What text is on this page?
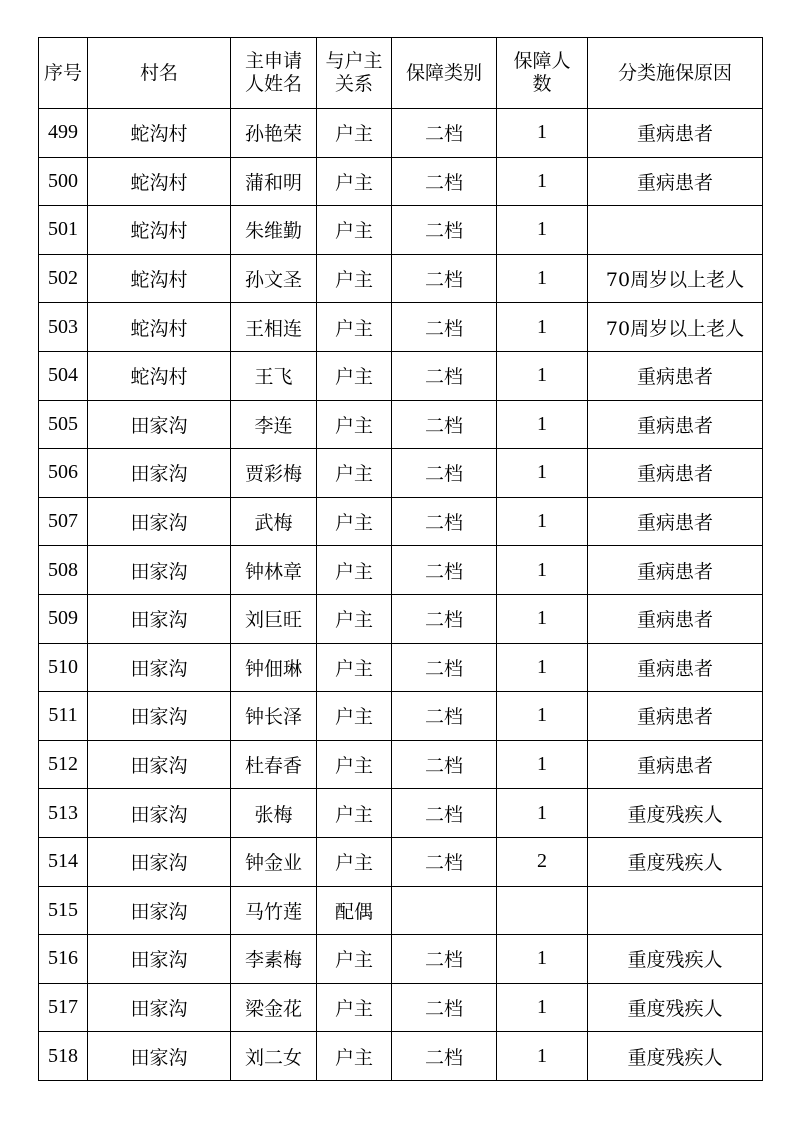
序号	村名	主申请人姓名	与户主关系	保障类别	保障人数	分类施保原因
499	蛇沟村	孙艳荣	户主	二档	1	重病患者
500	蛇沟村	蒲和明	户主	二档	1	重病患者
501	蛇沟村	朱维勤	户主	二档	1	
502	蛇沟村	孙文圣	户主	二档	1	70周岁以上老人
503	蛇沟村	王相连	户主	二档	1	70周岁以上老人
504	蛇沟村	王飞	户主	二档	1	重病患者
505	田家沟	李连	户主	二档	1	重病患者
506	田家沟	贾彩梅	户主	二档	1	重病患者
507	田家沟	武梅	户主	二档	1	重病患者
508	田家沟	钟林章	户主	二档	1	重病患者
509	田家沟	刘巨旺	户主	二档	1	重病患者
510	田家沟	钟佃琳	户主	二档	1	重病患者
511	田家沟	钟长泽	户主	二档	1	重病患者
512	田家沟	杜春香	户主	二档	1	重病患者
513	田家沟	张梅	户主	二档	1	重度残疾人
514	田家沟	钟金业	户主	二档	2	重度残疾人
515	田家沟	马竹莲	配偶			
516	田家沟	李素梅	户主	二档	1	重度残疾人
517	田家沟	梁金花	户主	二档	1	重度残疾人
518	田家沟	刘二女	户主	二档	1	重度残疾人
